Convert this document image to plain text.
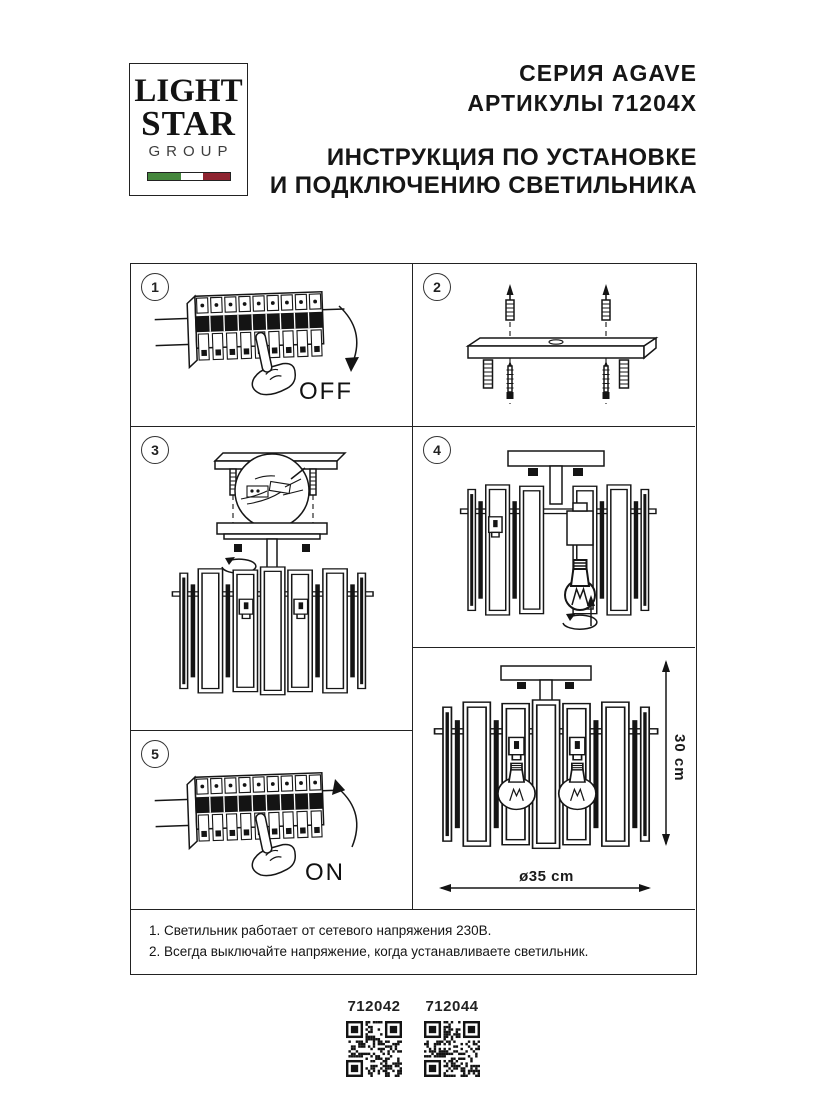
LIGHT
STAR
GROUP
СЕРИЯ AGAVE
АРТИКУЛЫ 71204X
ИНСТРУКЦИЯ ПО УСТАНОВКЕ
И ПОДКЛЮЧЕНИЮ СВЕТИЛЬНИКА
1
OFF
2
3	4
5
ON
30 cm
ø35 cm
1. Светильник работает от сетевого напряжения 230В.
2. Всегда выключайте напряжение, когда устанавливаете светильник.
712042 712044
